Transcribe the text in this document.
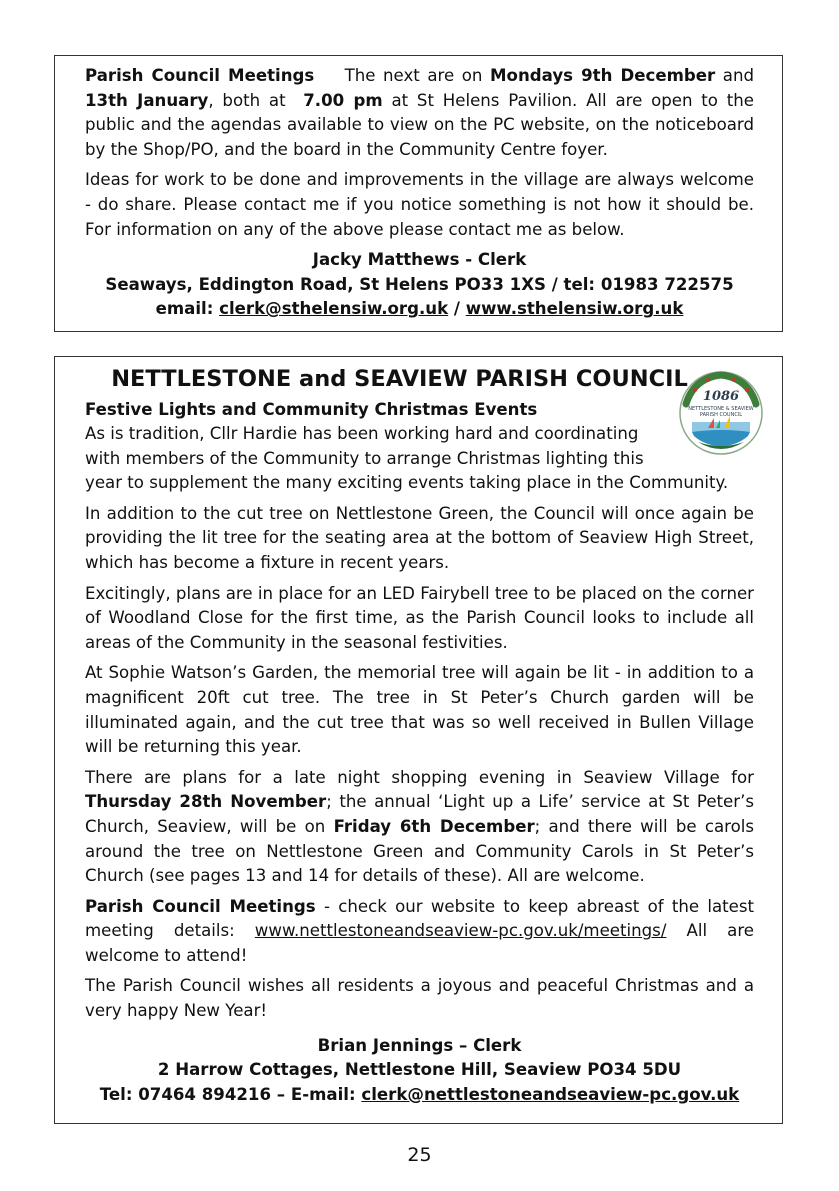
Parish Council Meetings The next are on Mondays 9th December and 13th January, both at 7.00 pm at St Helens Pavilion. All are open to the public and the agendas available to view on the PC website, on the noticeboard by the Shop/PO, and the board in the Community Centre foyer.

Ideas for work to be done and improvements in the village are always welcome - do share. Please contact me if you notice something is not how it should be. For information on any of the above please contact me as below.

Jacky Matthews - Clerk
Seaways, Eddington Road, St Helens PO33 1XS / tel: 01983 722575
email: clerk@sthelensiw.org.uk / www.sthelensiw.org.uk
NETTLESTONE and SEAVIEW PARISH COUNCIL
1086
NETTLESTONE & SEAVIEW
PARISH COUNCIL
Festive Lights and Community Christmas Events

As is tradition, Cllr Hardie has been working hard and coordinating with members of the Community to arrange Christmas lighting this year to supplement the many exciting events taking place in the Community.

In addition to the cut tree on Nettlestone Green, the Council will once again be providing the lit tree for the seating area at the bottom of Seaview High Street, which has become a fixture in recent years.

Excitingly, plans are in place for an LED Fairybell tree to be placed on the corner of Woodland Close for the first time, as the Parish Council looks to include all areas of the Community in the seasonal festivities.

At Sophie Watson’s Garden, the memorial tree will again be lit - in addition to a magnificent 20ft cut tree. The tree in St Peter’s Church garden will be illuminated again, and the cut tree that was so well received in Bullen Village will be returning this year.

There are plans for a late night shopping evening in Seaview Village for Thursday 28th November; the annual ‘Light up a Life’ service at St Peter’s Church, Seaview, will be on Friday 6th December; and there will be carols around the tree on Nettlestone Green and Community Carols in St Peter’s Church (see pages 13 and 14 for details of these). All are welcome.

Parish Council Meetings - check our website to keep abreast of the latest meeting details: www.nettlestoneandseaview-pc.gov.uk/meetings/ All are welcome to attend!

The Parish Council wishes all residents a joyous and peaceful Christmas and a very happy New Year!

Brian Jennings – Clerk
2 Harrow Cottages, Nettlestone Hill, Seaview PO34 5DU
Tel: 07464 894216 – E-mail: clerk@nettlestoneandseaview-pc.gov.uk
25
